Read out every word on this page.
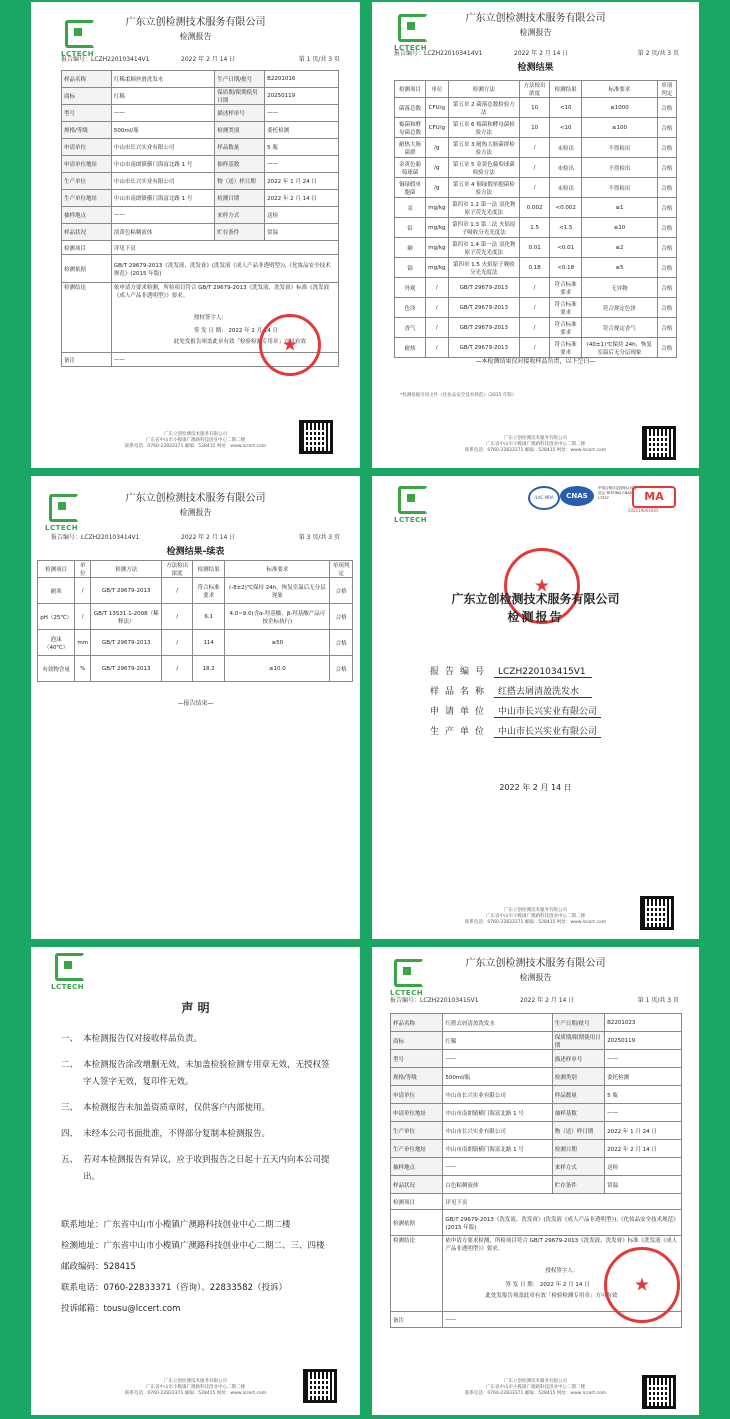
LCTECH
广东立创检测技术服务有限公司
检测报告
报告编号：LCZH220103414V1	2022 年 2 月 14 日	第 1 页/共 3 页
样品名称	红稀柔顺丝滑洗发水	生产日期/批号	B2201016
商标	红稀	保质期/限期使用日期	20250119
型号	——	描述样单号	——
规格/等级	500ml/瓶	检测类别	委托检测
申请单位	中山市长兴实业有限公司	样品数量	5 瓶
申请单位地址	中山市南朗镇横门海富北路 1 号	抽样基数	——
生产单位	中山市长兴实业有限公司	物（送）样日期	2022 年 1 月 24 日
生产单位地址	中山市南朗镇横门海富北路 1 号	检测日期	2022 年 2 月 14 日
抽样地点	——	来样方式	送检
样品状况	淡黄色粘稠液体	贮存条件	常温
检测项目	详见下页		
检测依据	GB/T 29679-2013《洗发液、洗发膏》(洗发液《成人产品非透明型》),《化妆品安全技术规范》(2015 年版)		
检测结论	依申请方要求检测，所检项目符合 GB/T 29679-2013《洗发液、洗发膏》标准《洗发液《成人产品非透明型》》要求。
授权签字人：
签 发 日 期： 2022 年 2 月 14 日
此处发报告须盖此章有效「检验检测专用章」方可有效		

备注	——		
★
广东立创检测技术服务有限公司
广东省中山市小榄镇广澳路科技创业中心二期二楼
联系电话：0760-22833371 邮编：528415 网址：www.lccert.com
LCTECH
广东立创检测技术服务有限公司
检测报告
报告编号：LCZH220103414V1	2022 年 2 月 14 日	第 2 页/共 3 页
检测结果
检测项目	单位	检测方法	方法检出浓度	检测结果	标准要求	单项判定
菌落总数	CFU/g	第五章 2 菌落总数检验方法	10	<10	≤1000	合格
霉菌和酵母菌总数	CFU/g	第五章 6 霉菌和酵母菌检验方法	10	<10	≤100	合格
耐热大肠菌群	/g	第五章 3 耐热大肠菌群检验方法	/	未检出	不得检出	合格
金黄色葡萄球菌	/g	第五章 5 金黄色葡萄球菌检验方法	/	未检出	不得检出	合格
铜绿假单胞菌	/g	第五章 4 铜绿假单胞菌检验方法	/	未检出	不得检出	合格
汞	mg/kg	第四章 1.2 第一法 氢化物原子荧光光度法	0.002	<0.002	≤1	合格
铅	mg/kg	第四章 1.3 第二法 火焰原子吸收分光光度法	1.5	<1.5	≤10	合格
砷	mg/kg	第四章 1.4 第一法 氢化物原子荧光光度法	0.01	<0.01	≤2	合格
镉	mg/kg	第四章 1.5 火焰原子吸收分光光度法	0.18	<0.18	≤5	合格
外观	/	GB/T 29679-2013	/	符合标准要求	无异物	合格
色泽	/	GB/T 29679-2013	/	符合标准要求	符合规定色泽	合格
香气	/	GB/T 29679-2013	/	符合标准要求	符合规定香气	合格
耐热	/	GB/T 29679-2013	/	符合标准要求	(40±1)℃保持 24h，恢复室温后无分层现象	合格
—本检测结果仅对接收样品负责，以下空白—
*检测依据引用文件《化妆品安全技术规范》（2015 年版）
广东立创检测技术服务有限公司
广东省中山市小榄镇广澳路科技创业中心二期二楼
联系电话：0760-22833371 邮编：528415 网址：www.lccert.com
LCTECH
广东立创检测技术服务有限公司
检测报告
报告编号：LCZH220103414V1	2022 年 2 月 14 日	第 3 页/共 3 页
检测结果-续表
检测项目	单位	检测方法	方法检出浓度	检测结果	标准要求	单项判定
耐寒	/	GB/T 29679-2013	/	符合标准要求	(-8±2)℃保持 24h，恢复室温后无分层现象	合格
pH（25℃）	/	GB/T 13531.1-2008（稀释法）	/	6.1	4.0~9.0(含α-羟基酸、β-羟基酸产品可按企标执行)	合格
泡沫（40℃）	mm	GB/T 29679-2013	/	114	≥50	合格
有效物含量	%	GB/T 29679-2013	/	18.2	≥10.0	合格
—报告结束—
LCTECH
ILAC-MRA	CNAS
中国合格评定国家认可委员会 TESTING CNAS L7337	MA
202119001605
★
广东立创检测技术服务有限公司
检测报告
报告编号 LCZH220103415V1
样品名称 红搭去屑清盈洗发水
申请单位 中山市长兴实业有限公司
生产单位 中山市长兴实业有限公司
2022 年 2 月 14 日
广东立创检测技术服务有限公司
广东省中山市小榄镇广澳路科技创业中心二期二楼
联系电话：0760-22833371 邮编：528415 网址：www.lccert.com
LCTECH
声 明
一、 本检测报告仅对接收样品负责。
二、 本检测报告涂改增删无效，未加盖检验检测专用章无效，无授权签字人签字无效，复印件无效。
三、 本检测报告未加盖资质章时，仅供客户内部使用。
四、 未经本公司书面批准，不得部分复制本检测报告。
五、 若对本检测报告有异议，应于收到报告之日起十五天内向本公司提出。
联系地址：广东省中山市小榄镇广澳路科技创业中心二期二楼
检测地址：广东省中山市小榄镇广澳路科技创业中心二期二、三、四楼
邮政编码：528415
联系电话：0760-22833371（咨询）、22833582（投诉）
投诉邮箱：tousu@lccert.com
广东立创检测技术服务有限公司
广东省中山市小榄镇广澳路科技创业中心二期二楼
联系电话：0760-22833371 邮编：528415 网址：www.lccert.com
LCTECH
广东立创检测技术服务有限公司
检测报告
报告编号：LCZH220103415V1	2022 年 2 月 14 日	第 1 页/共 3 页
样品名称	红搭去屑清盈洗发水	生产日期/批号	B2201023
商标	红稀	保质期/限期使用日期	20250119
型号	——	描述样单号	——
规格/等级	500ml/瓶	检测类别	委托检测
申请单位	中山市长兴实业有限公司	样品数量	5 瓶
申请单位地址	中山市南朗镇横门海富北路 1 号	抽样基数	——
生产单位	中山市长兴实业有限公司	物（送）样日期	2022 年 1 月 24 日
生产单位地址	中山市南朗镇横门海富北路 1 号	检测日期	2022 年 2 月 14 日
抽样地点	——	来样方式	送检
样品状况	白色粘稠液体	贮存条件	常温
检测项目	详见下页		
检测依据	GB/T 29679-2013《洗发液、洗发膏》(洗发液《成人产品非透明型》),《化妆品安全技术规范》(2015 年版)		
检测结论	依申请方要求检测，所检项目符合 GB/T 29679-2013《洗发液、洗发膏》标准《洗发液《成人产品非透明型》》要求。
授权签字人：
签 发 日 期： 2022 年 2 月 14 日
此处发报告须盖此章有效「检验检测专用章」方可有效		

备注	——		
★
广东立创检测技术服务有限公司
广东省中山市小榄镇广澳路科技创业中心二期二楼
联系电话：0760-22833371 邮编：528415 网址：www.lccert.com
